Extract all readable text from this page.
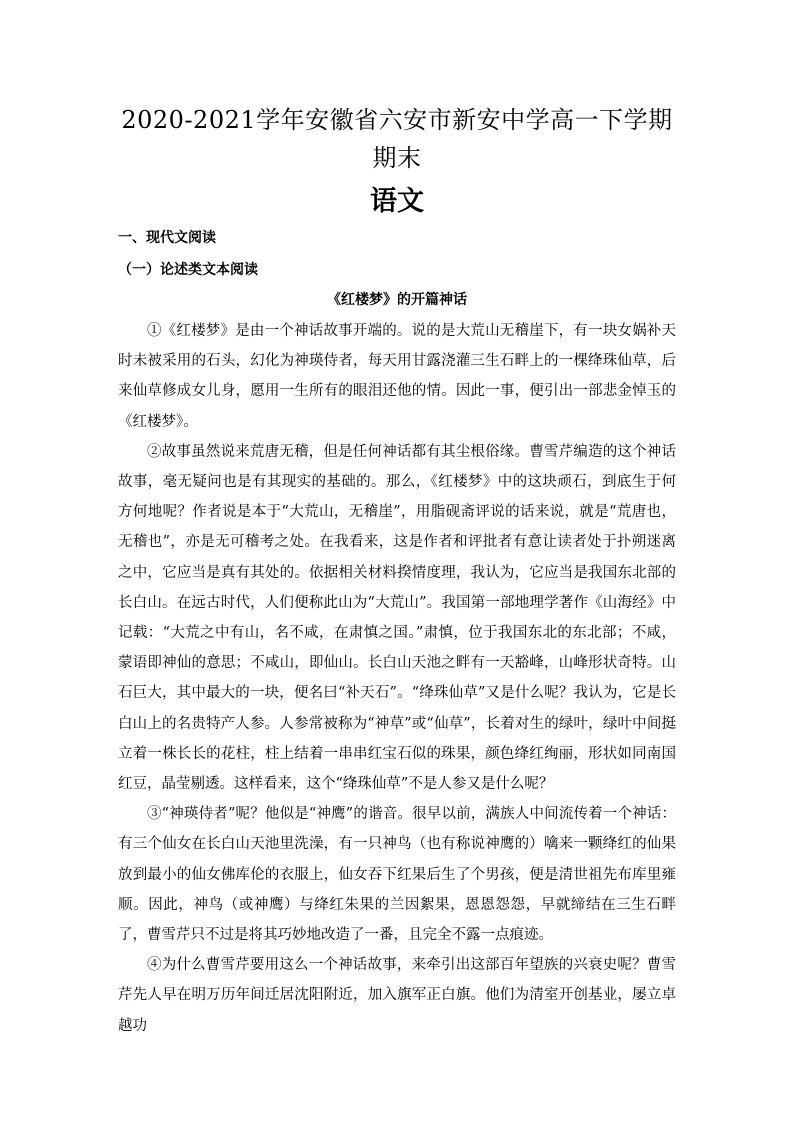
2020-2021学年安徽省六安市新安中学高一下学期
期末
语文
一、现代文阅读
（一）论述类文本阅读
《红楼梦》的开篇神话

①《红楼梦》是由一个神话故事开端的。说的是大荒山无稽崖下，有一块女娲补天时未被采用的石头，幻化为神瑛侍者，每天用甘露浇灌三生石畔上的一棵绛珠仙草，后来仙草修成女儿身，愿用一生所有的眼泪还他的情。因此一事，便引出一部悲金悼玉的《红楼梦》。

②故事虽然说来荒唐无稽，但是任何神话都有其尘根俗缘。曹雪芹编造的这个神话故事，毫无疑问也是有其现实的基础的。那么，《红楼梦》中的这块顽石，到底生于何方何地呢？作者说是本于“大荒山，无稽崖”，用脂砚斋评说的话来说，就是“荒唐也，无稽也”，亦是无可稽考之处。在我看来，这是作者和评批者有意让读者处于扑朔迷离之中，它应当是真有其处的。依据相关材料揆情度理，我认为，它应当是我国东北部的长白山。在远古时代，人们便称此山为“大荒山”。我国第一部地理学著作《山海经》中记载：“大荒之中有山，名不咸，在肃慎之国。”肃慎，位于我国东北的东北部；不咸，蒙语即神仙的意思；不咸山，即仙山。长白山天池之畔有一天豁峰，山峰形状奇特。山石巨大，其中最大的一块，便名曰“补天石”。“绛珠仙草”又是什么呢？我认为，它是长白山上的名贵特产人参。人参常被称为“神草”或“仙草”，长着对生的绿叶，绿叶中间挺立着一株长长的花柱，柱上结着一串串红宝石似的珠果，颜色绛红绚丽，形状如同南国红豆，晶莹剔透。这样看来，这个“绛珠仙草”不是人参又是什么呢？

③“神瑛侍者”呢？他似是“神鹰”的谐音。很早以前，满族人中间流传着一个神话：有三个仙女在长白山天池里洗澡，有一只神鸟（也有称说神鹰的）噙来一颗绛红的仙果放到最小的仙女佛库伦的衣服上，仙女吞下红果后生了个男孩，便是清世祖先布库里雍顺。因此，神鸟（或神鹰）与绛红朱果的兰因絮果，恩恩怨怨，早就缔结在三生石畔了，曹雪芹只不过是将其巧妙地改造了一番，且完全不露一点痕迹。

④为什么曹雪芹要用这么一个神话故事，来牵引出这部百年望族的兴衰史呢？曹雪芹先人早在明万历年间迁居沈阳附近，加入旗军正白旗。他们为清室开创基业，屡立卓越功
